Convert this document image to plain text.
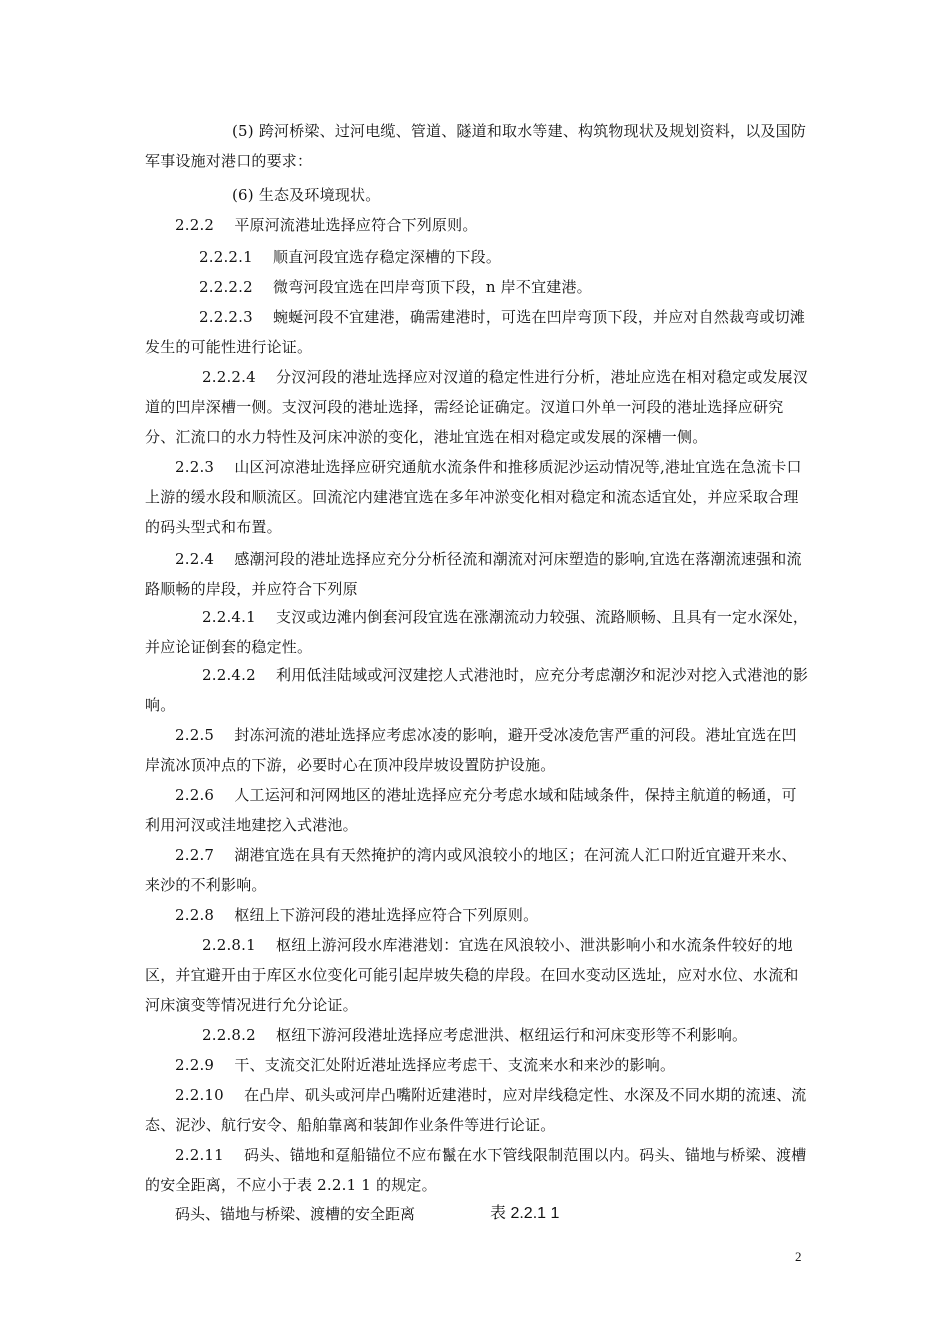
(5) 跨河桥梁、过河电缆、管道、隧道和取水等建、构筑物现状及规划资料，以及国防军事设施对港口的要求：

(6) 生态及环境现状。

2.2.2　 平原河流港址选择应符合下列原则。

2.2.2.1　 顺直河段宜选存稳定深槽的下段。

2.2.2.2　 微弯河段宜选在凹岸弯顶下段，n 岸不宜建港。

2.2.2.3　 蜿蜒河段不宜建港，确需建港时，可选在凹岸弯顶下段，并应对自然裁弯或切滩发生的可能性进行论证。

2.2.2.4　 分汊河段的港址选择应对汊道的稳定性进行分析，港址应选在相对稳定或发展汊道的凹岸深槽一侧。支汊河段的港址选择，需经论证确定。汊道口外单一河段的港址选择应研究分、汇流口的水力特性及河床冲淤的变化，港址宜选在相对稳定或发展的深槽一侧。

2.2.3　 山区河凉港址选择应研究通航水流条件和推移质泥沙运动情况等,港址宜选在急流卡口上游的缓水段和顺流区。回流沱内建港宜选在多年冲淤变化相对稳定和流态适宜处，并应采取合理的码头型式和布置。

2.2.4　 感潮河段的港址选择应充分分析径流和潮流对河床塑造的影响,宜选在落潮流速强和流路顺畅的岸段，并应符合下列原

2.2.4.1　 支汊或边滩内倒套河段宜选在涨潮流动力较强、流路顺畅、且具有一定水深处，并应论证倒套的稳定性。

2.2.4.2　 利用低洼陆域或河汊建挖人式港池时，应充分考虑潮汐和泥沙对挖入式港池的影响。

2.2.5　 封冻河流的港址选择应考虑冰凌的影响，避开受冰凌危害严重的河段。港址宜选在凹岸流冰顶冲点的下游，必要时心在顶冲段岸坡设置防护设施。

2.2.6　 人工运河和河网地区的港址选择应充分考虑水域和陆域条件，保持主航道的畅通，可利用河汊或洼地建挖入式港池。

2.2.7　 湖港宜选在具有天然掩护的湾内或风浪较小的地区；在河流人汇口附近宜避开来水、来沙的不利影响。

2.2.8　 枢纽上下游河段的港址选择应符合下列原则。

2.2.8.1　 枢纽上游河段水库港港划：宜选在风浪较小、泄洪影响小和水流条件较好的地区，并宜避开由于库区水位变化可能引起岸坡失稳的岸段。在回水变动区选址，应对水位、水流和河床演变等情况进行允分论证。

2.2.8.2　 枢纽下游河段港址选择应考虑泄洪、枢纽运行和河床变形等不利影响。

2.2.9　 干、支流交汇处附近港址选择应考虑干、支流来水和来沙的影响。

2.2.10　 在凸岸、矶头或河岸凸嘴附近建港时，应对岸线稳定性、水深及不同水期的流速、流态、泥沙、航行安令、船舶靠离和装卸作业条件等进行论证。

2.2.11　 码头、锚地和趸船锚位不应布鬣在水下管线限制范围以内。码头、锚地与桥梁、渡槽的安全距离，不应小于表 2.2.1 1 的规定。

码头、锚地与桥梁、渡槽的安全距离	表 2.2.1 1
2
